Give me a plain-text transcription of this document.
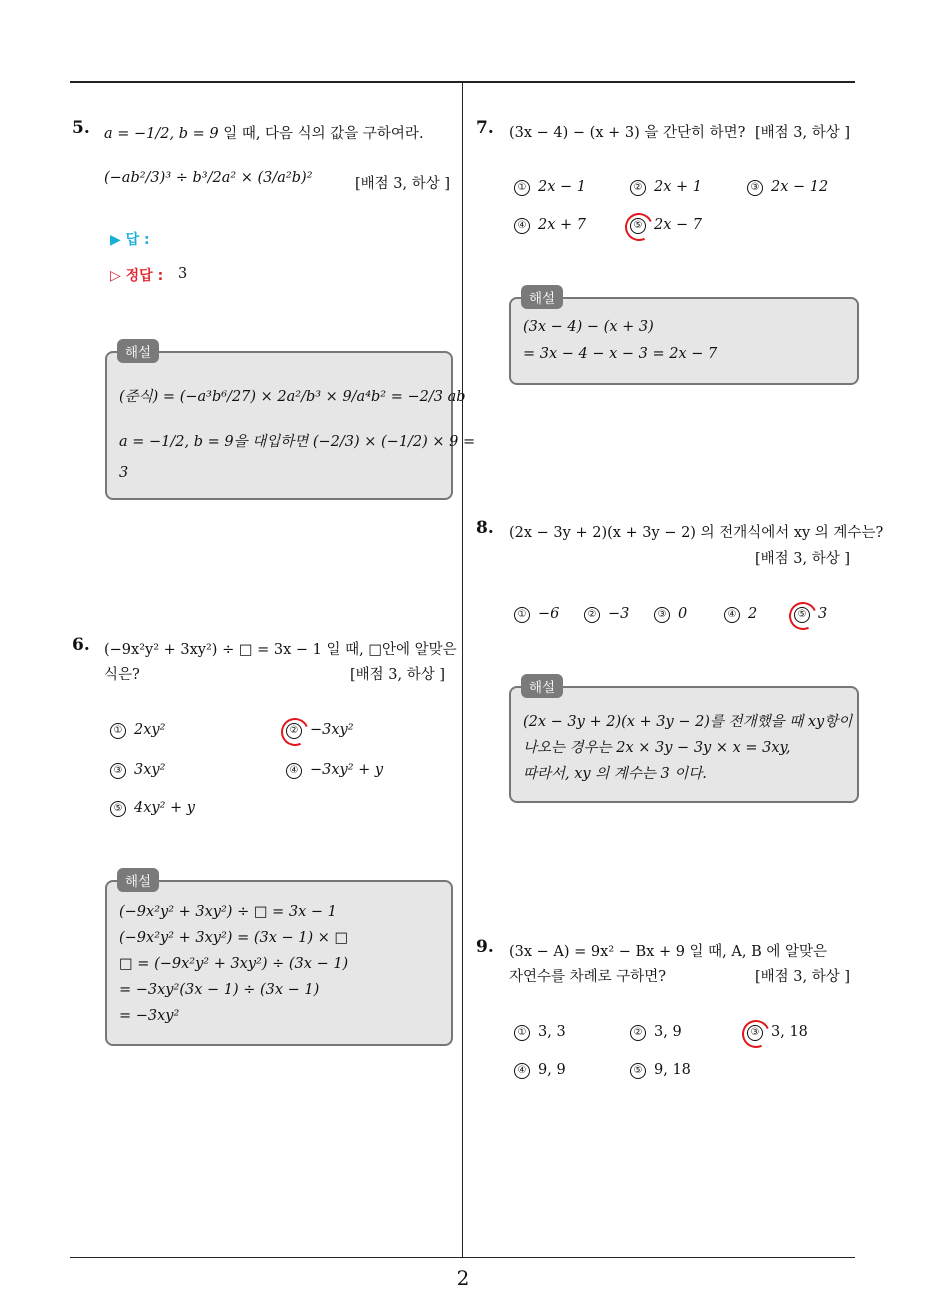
2
5. a = −1/2, b = 9 일 때, 다음 식의 값을 구하여라.
(−ab²/3)³ ÷ b³/2a² × (3/a²b)²	[배점 3, 하상 ]
▶ 답 :
▷ 정답 : 3
해설
(준식) = (−a³b⁶/27) × 2a²/b³ × 9/a⁴b² = −2/3 ab
a = −1/2, b = 9을 대입하면 (−2/3) × (−1/2) × 9 =
3
6. (−9x²y² + 3xy²) ÷ □ = 3x − 1 일 때, □안에 알맞은
식은?	[배점 3, 하상 ]
① 2xy²	② −3xy²
③ 3xy²	④ −3xy² + y
⑤ 4xy² + y
해설
(−9x²y² + 3xy²) ÷ □ = 3x − 1
(−9x²y² + 3xy²) = (3x − 1) × □
□ = (−9x²y² + 3xy²) ÷ (3x − 1)
= −3xy²(3x − 1) ÷ (3x − 1)
= −3xy²
7. (3x − 4) − (x + 3) 을 간단히 하면? [배점 3, 하상 ]
① 2x − 1	② 2x + 1	③ 2x − 12
④ 2x + 7	⑤ 2x − 7
해설
(3x − 4) − (x + 3)
= 3x − 4 − x − 3 = 2x − 7
8. (2x − 3y + 2)(x + 3y − 2) 의 전개식에서 xy 의 계수는?
[배점 3, 하상 ]
① −6	② −3	③ 0	④ 2	⑤ 3
해설
(2x − 3y + 2)(x + 3y − 2)를 전개했을 때 xy항이
나오는 경우는 2x × 3y − 3y × x = 3xy,
따라서, xy 의 계수는 3 이다.
9. (3x − A) = 9x² − Bx + 9 일 때, A, B 에 알맞은
자연수를 차례로 구하면?	[배점 3, 하상 ]
① 3, 3	② 3, 9	③ 3, 18
④ 9, 9	⑤ 9, 18
